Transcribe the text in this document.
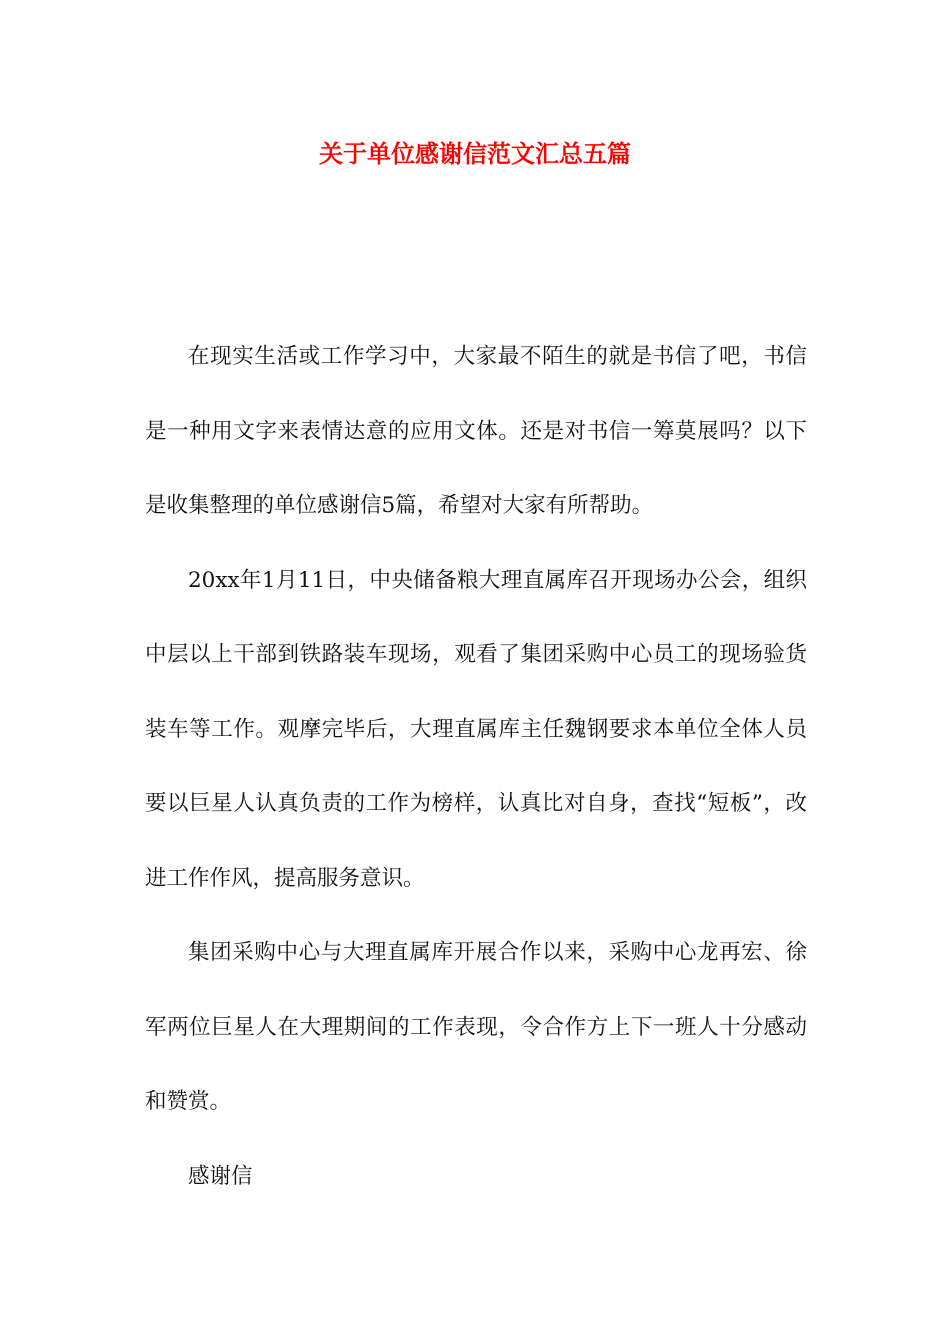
关于单位感谢信范文汇总五篇

在现实生活或工作学习中，大家最不陌生的就是书信了吧，书信是一种用文字来表情达意的应用文体。还是对书信一筹莫展吗？以下是收集整理的单位感谢信5篇，希望对大家有所帮助。

20xx年1月11日，中央储备粮大理直属库召开现场办公会，组织中层以上干部到铁路装车现场，观看了集团采购中心员工的现场验货装车等工作。观摩完毕后，大理直属库主任魏钢要求本单位全体人员要以巨星人认真负责的工作为榜样，认真比对自身，查找“短板”，改进工作作风，提高服务意识。

集团采购中心与大理直属库开展合作以来，采购中心龙再宏、徐军两位巨星人在大理期间的工作表现，令合作方上下一班人十分感动和赞赏。

感谢信
